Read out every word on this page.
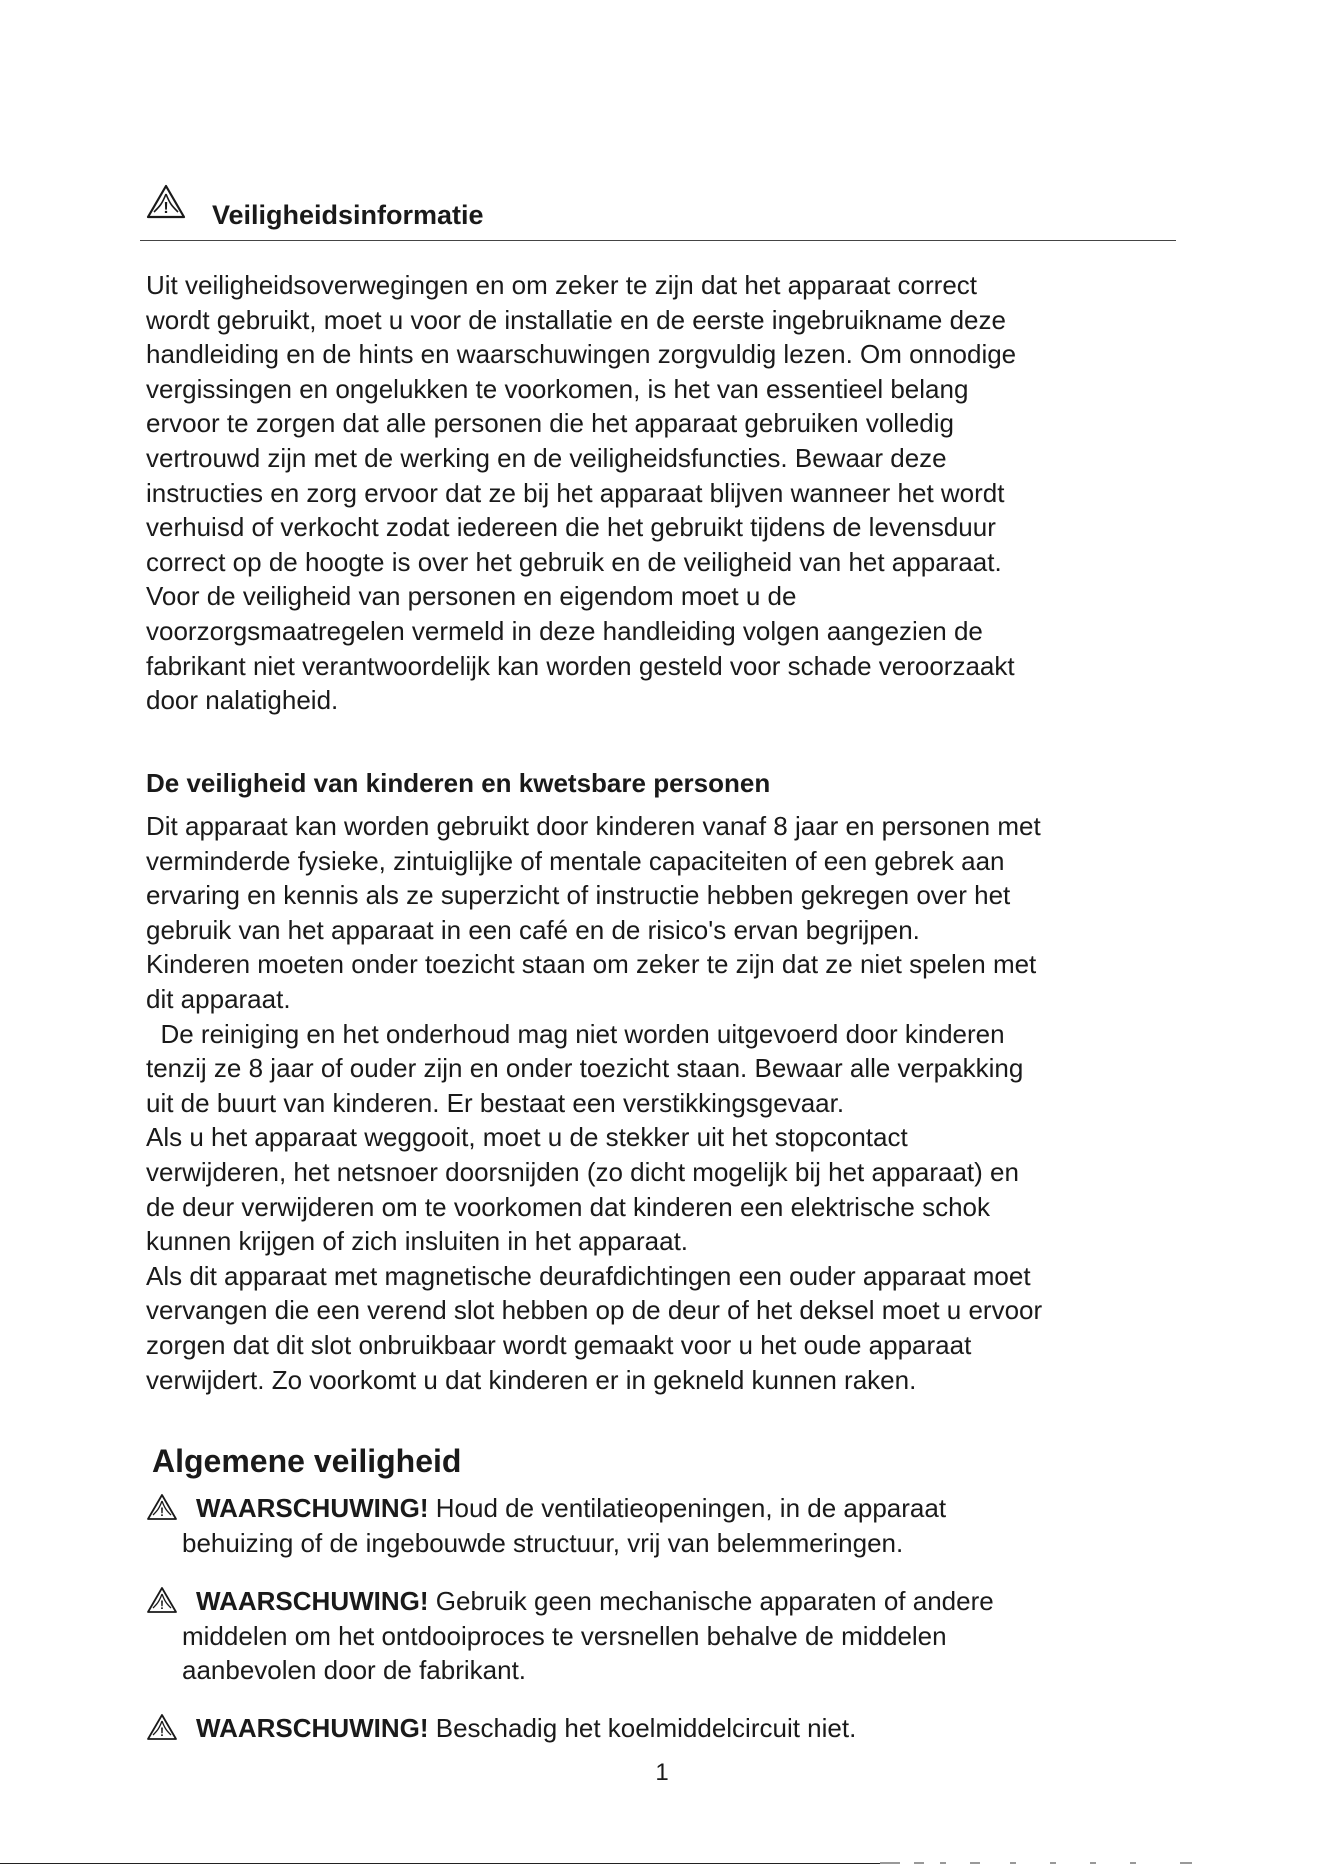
! Veiligheidsinformatie
Uit veiligheidsoverwegingen en om zeker te zijn dat het apparaat correct
wordt gebruikt, moet u voor de installatie en de eerste ingebruikname deze
handleiding en de hints en waarschuwingen zorgvuldig lezen. Om onnodige
vergissingen en ongelukken te voorkomen, is het van essentieel belang
ervoor te zorgen dat alle personen die het apparaat gebruiken volledig
vertrouwd zijn met de werking en de veiligheidsfuncties. Bewaar deze
instructies en zorg ervoor dat ze bij het apparaat blijven wanneer het wordt
verhuisd of verkocht zodat iedereen die het gebruikt tijdens de levensduur
correct op de hoogte is over het gebruik en de veiligheid van het apparaat.
Voor de veiligheid van personen en eigendom moet u de
voorzorgsmaatregelen vermeld in deze handleiding volgen aangezien de
fabrikant niet verantwoordelijk kan worden gesteld voor schade veroorzaakt
door nalatigheid.
De veiligheid van kinderen en kwetsbare personen
Dit apparaat kan worden gebruikt door kinderen vanaf 8 jaar en personen met
verminderde fysieke, zintuiglijke of mentale capaciteiten of een gebrek aan
ervaring en kennis als ze superzicht of instructie hebben gekregen over het
gebruik van het apparaat in een café en de risico's ervan begrijpen.
Kinderen moeten onder toezicht staan om zeker te zijn dat ze niet spelen met
dit apparaat.
De reiniging en het onderhoud mag niet worden uitgevoerd door kinderen
tenzij ze 8 jaar of ouder zijn en onder toezicht staan. Bewaar alle verpakking
uit de buurt van kinderen. Er bestaat een verstikkingsgevaar.
Als u het apparaat weggooit, moet u de stekker uit het stopcontact
verwijderen, het netsnoer doorsnijden (zo dicht mogelijk bij het apparaat) en
de deur verwijderen om te voorkomen dat kinderen een elektrische schok
kunnen krijgen of zich insluiten in het apparaat.
Als dit apparaat met magnetische deurafdichtingen een ouder apparaat moet
vervangen die een verend slot hebben op de deur of het deksel moet u ervoor
zorgen dat dit slot onbruikbaar wordt gemaakt voor u het oude apparaat
verwijdert. Zo voorkomt u dat kinderen er in gekneld kunnen raken.
Algemene veiligheid
!	WAARSCHUWING! Houd de ventilatieopeningen, in de apparaat
behuizing of de ingebouwde structuur, vrij van belemmeringen.
!	WAARSCHUWING! Gebruik geen mechanische apparaten of andere
middelen om het ontdooiproces te versnellen behalve de middelen
aanbevolen door de fabrikant.
!	WAARSCHUWING! Beschadig het koelmiddelcircuit niet.
1
